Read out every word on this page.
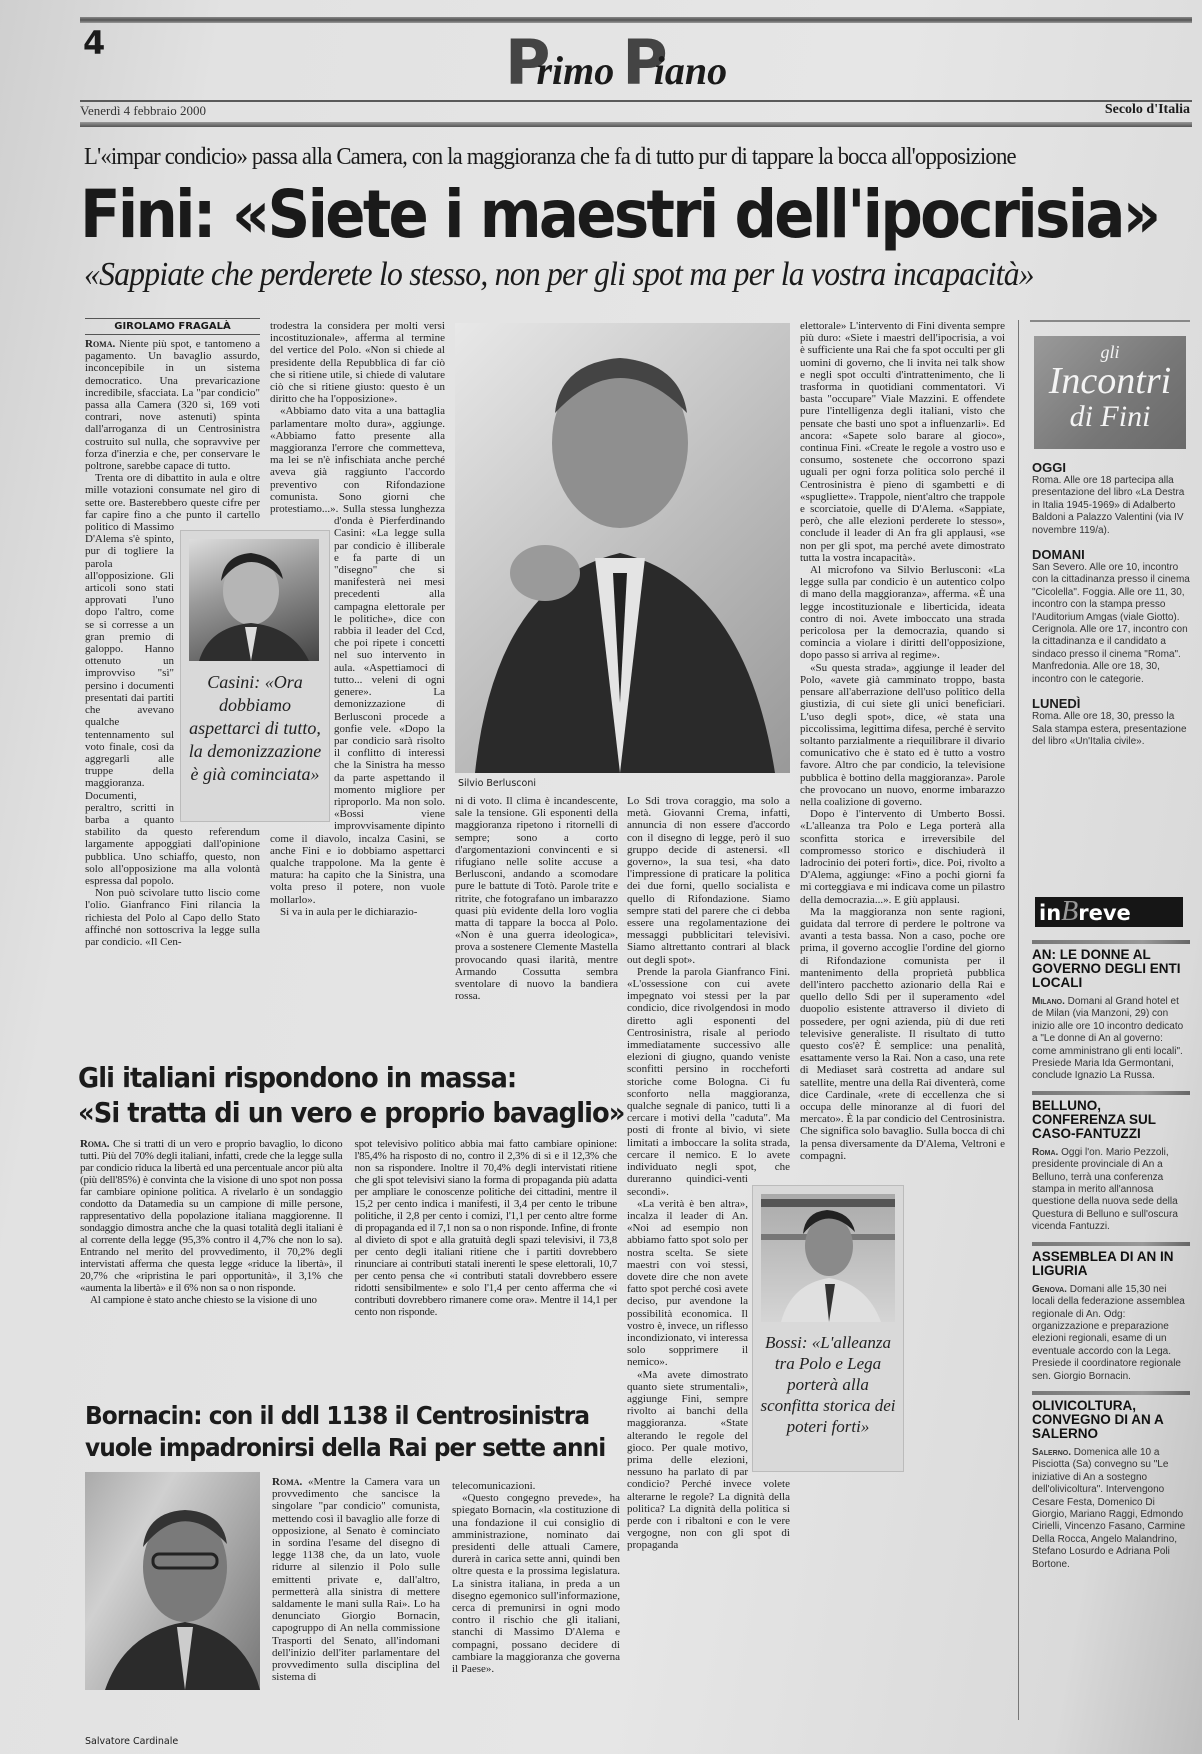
4	Primo Piano
Venerdì 4 febbraio 2000	Secolo d'Italia
L'«impar condicio» passa alla Camera, con la maggioranza che fa di tutto pur di tappare la bocca all'opposizione
Fini: «Siete i maestri dell'ipocrisia»
«Sappiate che perderete lo stesso, non per gli spot ma per la vostra incapacità»
GIROLAMO FRAGALÀ

Roma. Niente più spot, e tantomeno a pagamento. Un bavaglio assurdo, inconcepibile in un sistema democratico. Una prevaricazione incredibile, sfacciata. La "par condicio" passa alla Camera (320 sì, 169 voti contrari, nove astenuti) spinta dall'arroganza di un Centrosinistra costruito sul nulla, che sopravvive per forza d'inerzia e che, per conservare le poltrone, sarebbe capace di tutto.

Trenta ore di dibattito in aula e oltre mille votazioni consumate nel giro di sette ore. Basterebbero queste cifre per far capire fino a che punto il cartello politico di Massimo D'Alema s'è spinto, pur di togliere la parola all'opposizione. Gli articoli sono stati approvati l'uno dopo l'altro, come se si corresse a un gran premio di galoppo. Hanno ottenuto un improvviso "sì" persino i documenti presentati dai partiti che avevano qualche tentennamento sul voto finale, così da aggregarli alle truppe della maggioranza. Documenti, peraltro, scritti in barba a quanto stabilito da questo referendum largamente appoggiati dall'opinione pubblica. Uno schiaffo, questo, non solo all'opposizione ma alla volontà espressa dal popolo.

Non può scivolare tutto liscio come l'olio. Gianfranco Fini rilancia la richiesta del Polo al Capo dello Stato affinché non sottoscriva la legge sulla par condicio. «Il Cen-

trodestra la considera per molti versi incostituzionale», afferma al termine del vertice del Polo. «Non si chiede al presidente della Repubblica di far ciò che si ritiene utile, si chiede di valutare ciò che si ritiene giusto: questo è un diritto che ha l'opposizione».

«Abbiamo dato vita a una battaglia parlamentare molto dura», aggiunge. «Abbiamo fatto presente alla maggioranza l'errore che commetteva, ma lei se n'è infischiata anche perché aveva già raggiunto l'accordo preventivo con Rifondazione comunista. Sono giorni che protestiamo...». Sulla stessa lunghezza d'onda è Pierferdinando Casini: «La legge sulla par condicio è illiberale e fa parte di un "disegno" che si manifesterà nei mesi precedenti alla campagna elettorale per le politiche», dice con rabbia il leader del Ccd, che poi ripete i concetti nel suo intervento in aula. «Aspettiamoci di tutto... veleni di ogni genere». La demonizzazione di Berlusconi procede a gonfie vele. «Dopo la par condicio sarà risolto il conflitto di interessi che la Sinistra ha messo da parte aspettando il momento migliore per riproporlo. Ma non solo. «Bossi viene improvvisamente dipinto come il diavolo, incalza Casini, se anche Fini e io dobbiamo aspettarci qualche trappolone. Ma la gente è matura: ha capito che la Sinistra, una volta preso il potere, non vuole mollarlo».

Si va in aula per le dichiarazio-

Casini: «Ora dobbiamo aspettarci di tutto, la demonizzazione è già cominciata»	Silvio Berlusconi

ni di voto. Il clima è incandescente, sale la tensione. Gli esponenti della maggioranza ripetono i ritornelli di sempre; sono a corto d'argomentazioni convincenti e si rifugiano nelle solite accuse a Berlusconi, andando a scomodare pure le battute di Totò. Parole trite e ritrite, che fotografano un imbarazzo quasi più evidente della loro voglia matta di tappare la bocca al Polo. «Non è una guerra ideologica», prova a sostenere Clemente Mastella provocando quasi ilarità, mentre Armando Cossutta sembra sventolare di nuovo la bandiera rossa.

Lo Sdi trova coraggio, ma solo a metà. Giovanni Crema, infatti, annuncia di non essere d'accordo con il disegno di legge, però il suo gruppo decide di astenersi. «Il governo», la sua tesi, «ha dato l'impressione di praticare la politica dei due forni, quello socialista e quello di Rifondazione. Siamo sempre stati del parere che ci debba essere una regolamentazione dei messaggi pubblicitari televisivi. Siamo altrettanto contrari al black out degli spot».

Prende la parola Gianfranco Fini. «L'ossessione con cui avete impegnato voi stessi per la par condicio, dice rivolgendosi in modo diretto agli esponenti del Centrosinistra, risale al periodo immediatamente successivo alle elezioni di giugno, quando veniste sconfitti persino in roccheforti storiche come Bologna. Ci fu sconforto nella maggioranza, qualche segnale di panico, tutti lì a cercare i motivi della "caduta". Ma posti di fronte al bivio, vi siete limitati a imboccare la solita strada, cercare il nemico. E lo avete individuato negli spot, che dureranno quindici-venti secondi».

«La verità è ben altra», incalza il leader di An. «Noi ad esempio non abbiamo fatto spot solo per nostra scelta. Se siete maestri con voi stessi, dovete dire che non avete fatto spot perché così avete deciso, pur avendone la possibilità economica. Il vostro è, invece, un riflesso incondizionato, vi interessa solo sopprimere il nemico».

«Ma avete dimostrato quanto siete strumentali», aggiunge Fini, sempre rivolto ai banchi della maggioranza. «State alterando le regole del gioco. Per quale motivo, prima delle elezioni, nessuno ha parlato di par condicio? Perché invece volete alterarne le regole? La dignità della politica? La dignità della politica si perde con i ribaltoni e con le vere vergogne, non con gli spot di propaganda

elettorale» L'intervento di Fini diventa sempre più duro: «Siete i maestri dell'ipocrisia, a voi è sufficiente una Rai che fa spot occulti per gli uomini di governo, che li invita nei talk show e negli spot occulti d'intrattenimento, che li trasforma in quotidiani commentatori. Vi basta "occupare" Viale Mazzini. E offendete pure l'intelligenza degli italiani, visto che pensate che basti uno spot a influenzarli». Ed ancora: «Sapete solo barare al gioco», continua Fini. «Create le regole a vostro uso e consumo, sostenete che occorrono spazi uguali per ogni forza politica solo perché il Centrosinistra è pieno di sgambetti e di «spugliette». Trappole, nient'altro che trappole e scorciatoie, quelle di D'Alema. «Sappiate, però, che alle elezioni perderete lo stesso», conclude il leader di An fra gli applausi, «se non per gli spot, ma perché avete dimostrato tutta la vostra incapacità».

Al microfono va Silvio Berlusconi: «La legge sulla par condicio è un autentico colpo di mano della maggioranza», afferma. «È una legge incostituzionale e liberticida, ideata contro di noi. Avete imboccato una strada pericolosa per la democrazia, quando si comincia a violare i diritti dell'opposizione, dopo passo si arriva al regime».

«Su questa strada», aggiunge il leader del Polo, «avete già camminato troppo, basta pensare all'aberrazione dell'uso politico della giustizia, di cui siete gli unici beneficiari. L'uso degli spot», dice, «è stata una piccolissima, legittima difesa, perché è servito soltanto parzialmente a riequilibrare il divario comunicativo che è stato ed è tutto a vostro favore. Altro che par condicio, la televisione pubblica è bottino della maggioranza». Parole che provocano un nuovo, enorme imbarazzo nella coalizione di governo.

Dopo è l'intervento di Umberto Bossi. «L'alleanza tra Polo e Lega porterà alla sconfitta storica e irreversibile del compromesso storico e dischiuderà il ladrocinio dei poteri forti», dice. Poi, rivolto a D'Alema, aggiunge: «Fino a pochi giorni fa mi corteggiava e mi indicava come un pilastro della democrazia...». E giù applausi.

Ma la maggioranza non sente ragioni, guidata dal terrore di perdere le poltrone va avanti a testa bassa. Non a caso, poche ore prima, il governo accoglie l'ordine del giorno di Rifondazione comunista per il mantenimento della proprietà pubblica dell'intero pacchetto azionario della Rai e quello dello Sdi per il superamento «del duopolio esistente attraverso il divieto di possedere, per ogni azienda, più di due reti televisive generaliste. Il risultato di tutto questo cos'è? È semplice: una penalità, esattamente verso la Rai. Non a caso, una rete di Mediaset sarà costretta ad andare sul satellite, mentre una della Rai diventerà, come dice Cardinale, «rete di eccellenza che si occupa delle minoranze al di fuori del mercato». È la par condicio del Centrosinistra. Che significa solo bavaglio. Sulla bocca di chi la pensa diversamente da D'Alema, Veltroni e compagni.

Bossi: «L'alleanza tra Polo e Lega porterà alla sconfitta storica dei poteri forti»
Gli italiani rispondono in massa:
«Si tratta di un vero e proprio bavaglio»

Roma. Che si tratti di un vero e proprio bavaglio, lo dicono tutti. Più del 70% degli italiani, infatti, crede che la legge sulla par condicio riduca la libertà ed una percentuale ancor più alta (più dell'85%) è convinta che la visione di uno spot non possa far cambiare opinione politica. A rivelarlo è un sondaggio condotto da Datamedia su un campione di mille persone, rappresentativo della popolazione italiana maggiorenne. Il sondaggio dimostra anche che la quasi totalità degli italiani è al corrente della legge (95,3% contro il 4,7% che non lo sa). Entrando nel merito del provvedimento, il 70,2% degli intervistati afferma che questa legge «riduce la libertà», il 20,7% che «ripristina le pari opportunità», il 3,1% che «aumenta la libertà» e il 6% non sa o non risponde.

Al campione è stato anche chiesto se la visione di uno

spot televisivo politico abbia mai fatto cambiare opinione: l'85,4% ha risposto di no, contro il 2,3% di sì e il 12,3% che non sa rispondere. Inoltre il 70,4% degli intervistati ritiene che gli spot televisivi siano la forma di propaganda più adatta per ampliare le conoscenze politiche dei cittadini, mentre il 15,2 per cento indica i manifesti, il 3,4 per cento le tribune politiche, il 2,8 per cento i comizi, l'1,1 per cento altre forme di propaganda ed il 7,1 non sa o non risponde. Infine, di fronte al divieto di spot e alla gratuità degli spazi televisivi, il 73,8 per cento degli italiani ritiene che i partiti dovrebbero rinunciare ai contributi statali inerenti le spese elettorali, 10,7 per cento pensa che «i contributi statali dovrebbero essere ridotti sensibilmente» e solo l'1,4 per cento afferma che «i contributi dovrebbero rimanere come ora». Mentre il 14,1 per cento non risponde.

Bornacin: con il ddl 1138 il Centrosinistra
vuole impadronirsi della Rai per sette anni
Salvatore Cardinale

Roma. «Mentre la Camera vara un provvedimento che sancisce la singolare "par condicio" comunista, mettendo così il bavaglio alle forze di opposizione, al Senato è cominciato in sordina l'esame del disegno di legge 1138 che, da un lato, vuole ridurre al silenzio il Polo sulle emittenti private e, dall'altro, permetterà alla sinistra di mettere saldamente le mani sulla Rai». Lo ha denunciato Giorgio Bornacin, capogruppo di An nella commissione Trasporti del Senato, all'indomani dell'inizio dell'iter parlamentare del provvedimento sulla disciplina del sistema di

telecomunicazioni.

«Questo congegno prevede», ha spiegato Bornacin, «la costituzione di una fondazione il cui consiglio di amministrazione, nominato dai presidenti delle attuali Camere, durerà in carica sette anni, quindi ben oltre questa e la prossima legislatura. La sinistra italiana, in preda a un disegno egemonico sull'informazione, cerca di premunirsi in ogni modo contro il rischio che gli italiani, stanchi di Massimo D'Alema e compagni, possano decidere di cambiare la maggioranza che governa il Paese».

gli
Incontri
di Fini

OGGI

Roma. Alle ore 18 partecipa alla presentazione del libro «La Destra in Italia 1945-1969» di Adalberto Baldoni a Palazzo Valentini (via IV novembre 119/a).

DOMANI

San Severo. Alle ore 10, incontro con la cittadinanza presso il cinema "Cicolella". Foggia. Alle ore 11, 30, incontro con la stampa presso l'Auditorium Amgas (viale Giotto). Cerignola. Alle ore 17, incontro con la cittadinanza e il candidato a sindaco presso il cinema "Roma". Manfredonia. Alle ore 18, 30, incontro con le categorie.

LUNEDÌ

Roma. Alle ore 18, 30, presso la Sala stampa estera, presentazione del libro «Un'Italia civile».

inBreve

AN: LE DONNE AL GOVERNO DEGLI ENTI LOCALI

Milano. Domani al Grand hotel et de Milan (via Manzoni, 29) con inizio alle ore 10 incontro dedicato a "Le donne di An al governo: come amministrano gli enti locali". Presiede Maria Ida Germontani, conclude Ignazio La Russa.

BELLUNO, CONFERENZA SUL CASO-FANTUZZI

Roma. Oggi l'on. Mario Pezzoli, presidente provinciale di An a Belluno, terrà una conferenza stampa in merito all'annosa questione della nuova sede della Questura di Belluno e sull'oscura vicenda Fantuzzi.

ASSEMBLEA DI AN IN LIGURIA

Genova. Domani alle 15,30 nei locali della federazione assemblea regionale di An. Odg: organizzazione e preparazione elezioni regionali, esame di un eventuale accordo con la Lega. Presiede il coordinatore regionale sen. Giorgio Bornacin.

OLIVICOLTURA, CONVEGNO DI AN A SALERNO

Salerno. Domenica alle 10 a Pisciotta (Sa) convegno su "Le iniziative di An a sostegno dell'olivicoltura". Intervengono Cesare Festa, Domenico Di Giorgio, Mariano Raggi, Edmondo Cirielli, Vincenzo Fasano, Carmine Della Rocca, Angelo Malandrino, Stefano Losurdo e Adriana Poli Bortone.
